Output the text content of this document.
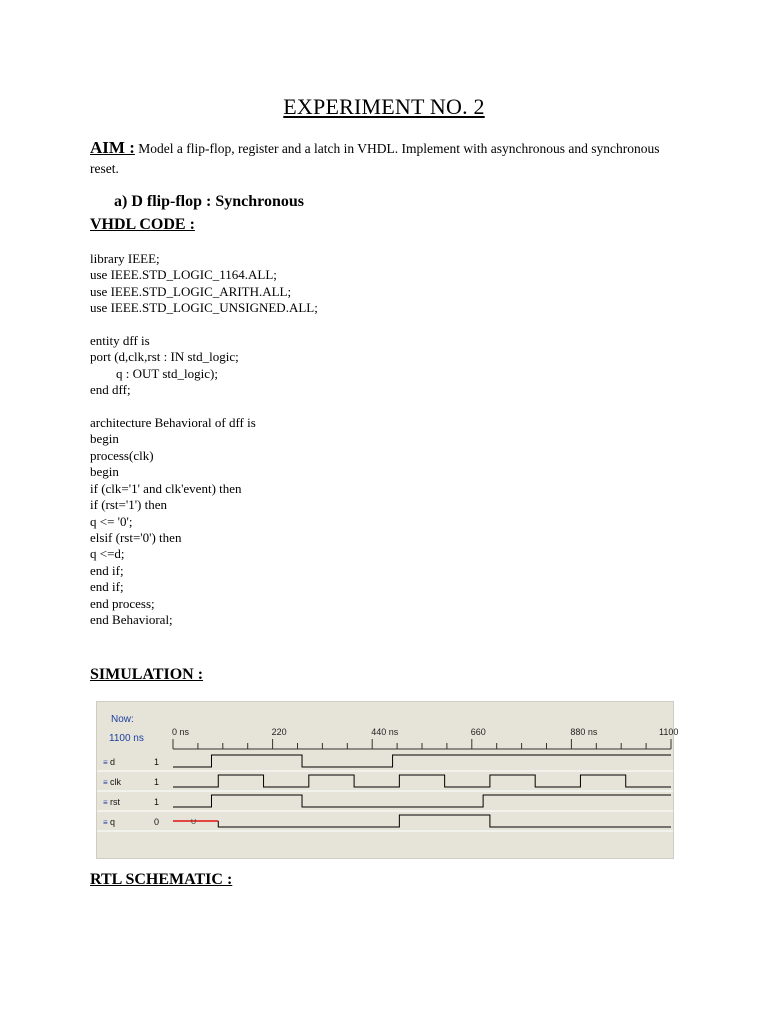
EXPERIMENT NO. 2
AIM : Model a flip-flop, register and a latch in VHDL. Implement with asynchronous and synchronous reset.
a) D flip-flop : Synchronous
VHDL CODE :
library IEEE;
use IEEE.STD_LOGIC_1164.ALL;
use IEEE.STD_LOGIC_ARITH.ALL;
use IEEE.STD_LOGIC_UNSIGNED.ALL;

entity dff is
port (d,clk,rst : IN std_logic;
q : OUT std_logic);
end dff;

architecture Behavioral of dff is
begin
process(clk)
begin
if (clk='1' and clk'event) then
if (rst='1') then
q <= '0';
elsif (rst='0') then
q <=d;
end if;
end if;
end process;
end Behavioral;
SIMULATION :
Now:
1100 ns
0 ns	220	440 ns	660	880 ns	1100
≡ d	1
≡ clk	1
≡ rst	1
≡ q	0	U
RTL SCHEMATIC :
